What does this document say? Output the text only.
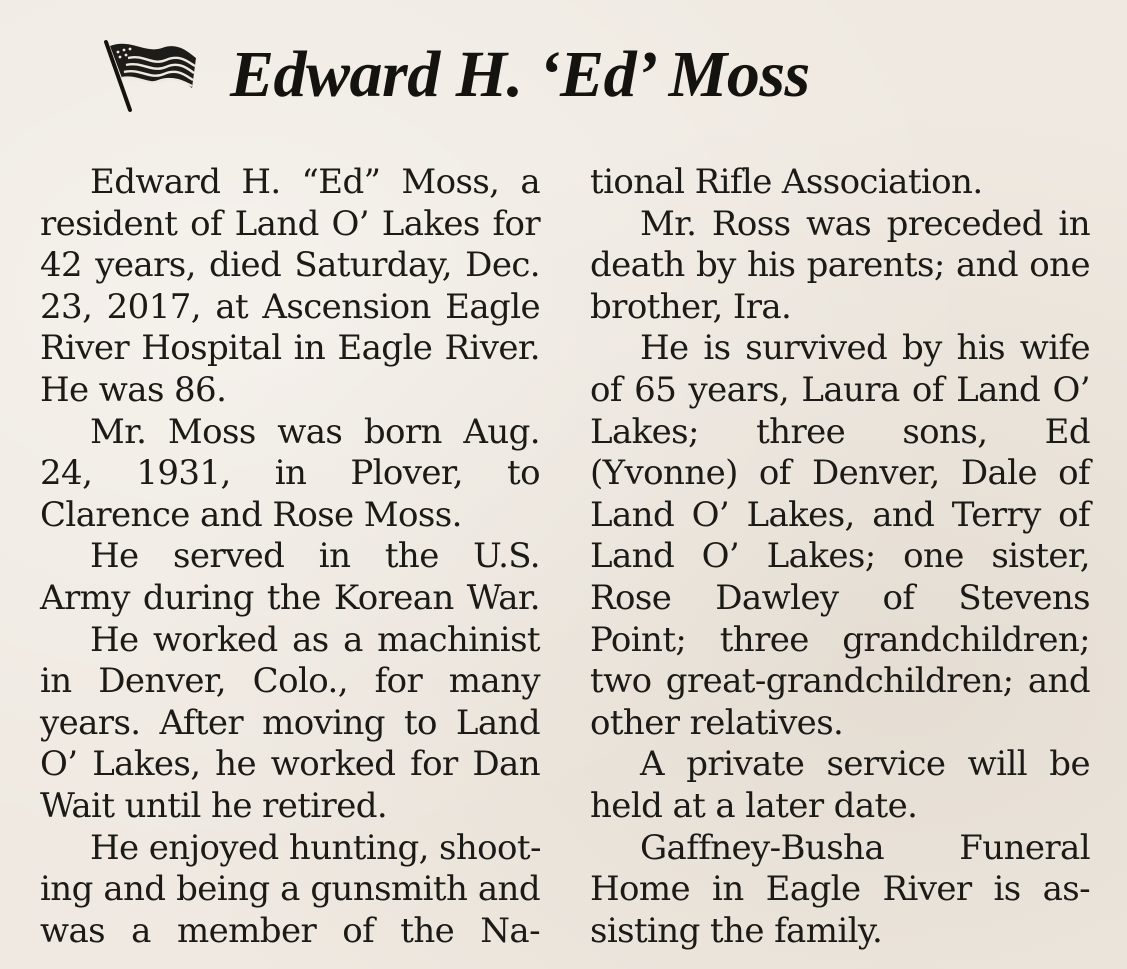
Edward H. ‘Ed’ Moss
Edward H. “Ed” Moss, a
resident of Land O’ Lakes for
42 years, died Saturday, Dec.
23, 2017, at Ascension Eagle
River Hospital in Eagle River.
He was 86.
Mr. Moss was born Aug.
24, 1931, in Plover, to
Clarence and Rose Moss.
He served in the U.S.
Army during the Korean War.
He worked as a machinist
in Denver, Colo., for many
years. After moving to Land
O’ Lakes, he worked for Dan
Wait until he retired.
He enjoyed hunting, shoot-
ing and being a gunsmith and
was a member of the Na-
tional Rifle Association.
Mr. Ross was preceded in
death by his parents; and one
brother, Ira.
He is survived by his wife
of 65 years, Laura of Land O’
Lakes; three sons, Ed
(Yvonne) of Denver, Dale of
Land O’ Lakes, and Terry of
Land O’ Lakes; one sister,
Rose Dawley of Stevens
Point; three grandchildren;
two great-grandchildren; and
other relatives.
A private service will be
held at a later date.
Gaffney-Busha Funeral
Home in Eagle River is as-
sisting the family.
